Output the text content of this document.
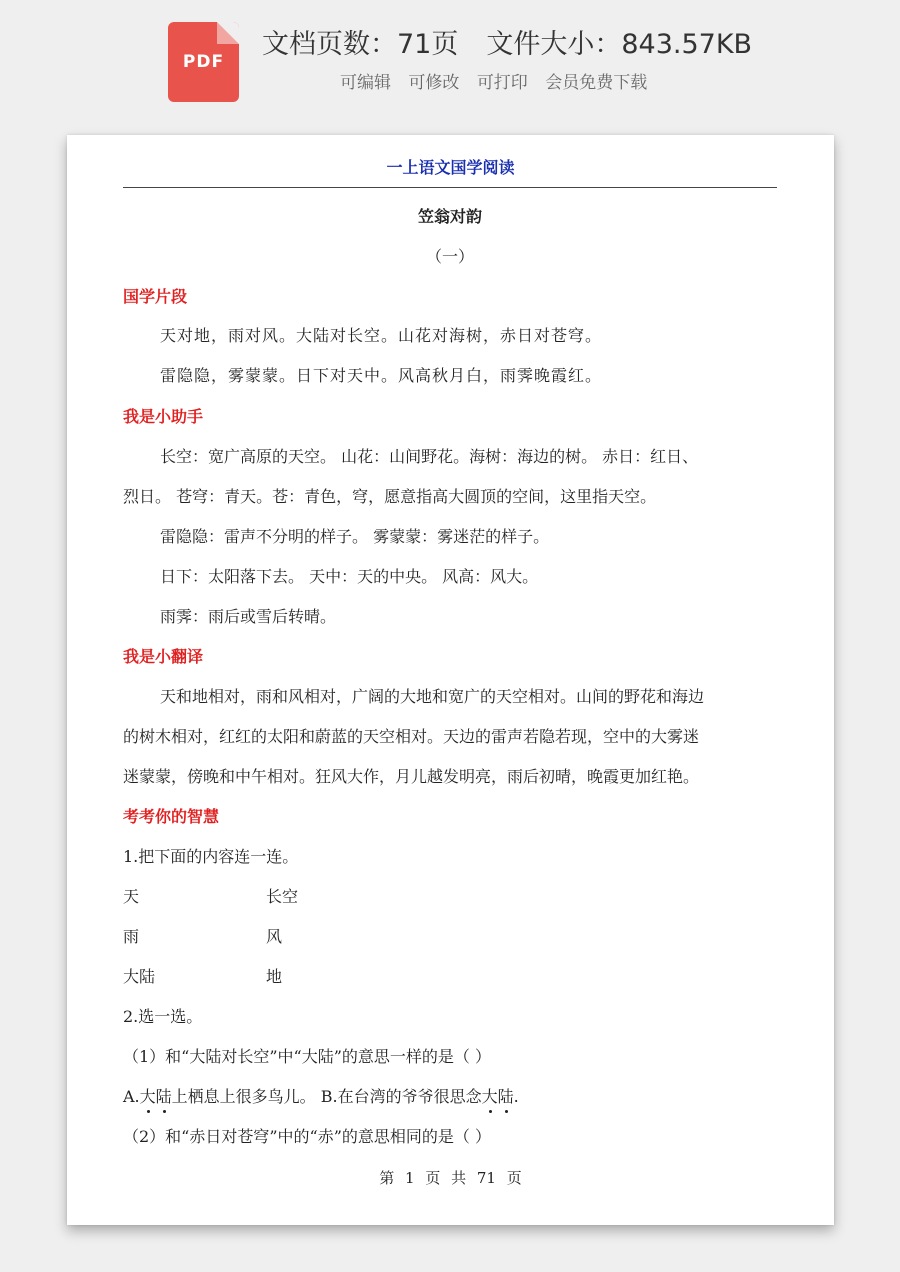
PDF
文档页数：71页 文件大小：843.57KB
可编辑 可修改 可打印 会员免费下载
一上语文国学阅读
笠翁对韵
（一）
国学片段
天对地，雨对风。大陆对长空。山花对海树，赤日对苍穹。
雷隐隐，雾蒙蒙。日下对天中。风高秋月白，雨霁晚霞红。
我是小助手
长空：宽广高原的天空。 山花：山间野花。海树：海边的树。 赤日：红日、
烈日。 苍穹：青天。苍：青色，穹，愿意指高大圆顶的空间，这里指天空。
雷隐隐：雷声不分明的样子。 雾蒙蒙：雾迷茫的样子。
日下：太阳落下去。 天中：天的中央。 风高：风大。
雨霁：雨后或雪后转晴。
我是小翻译
天和地相对，雨和风相对，广阔的大地和宽广的天空相对。山间的野花和海边
的树木相对，红红的太阳和蔚蓝的天空相对。天边的雷声若隐若现，空中的大雾迷
迷蒙蒙，傍晚和中午相对。狂风大作，月儿越发明亮，雨后初晴，晚霞更加红艳。
考考你的智慧
1.把下面的内容连一连。
天	长空
雨	风
大陆	地
2.选一选。
（1）和“大陆对长空”中“大陆”的意思一样的是（ ）
A.大陆上栖息上很多鸟儿。 B.在台湾的爷爷很思念大陆.
（2）和“赤日对苍穹”中的“赤”的意思相同的是（ ）
第 1 页 共 71 页
